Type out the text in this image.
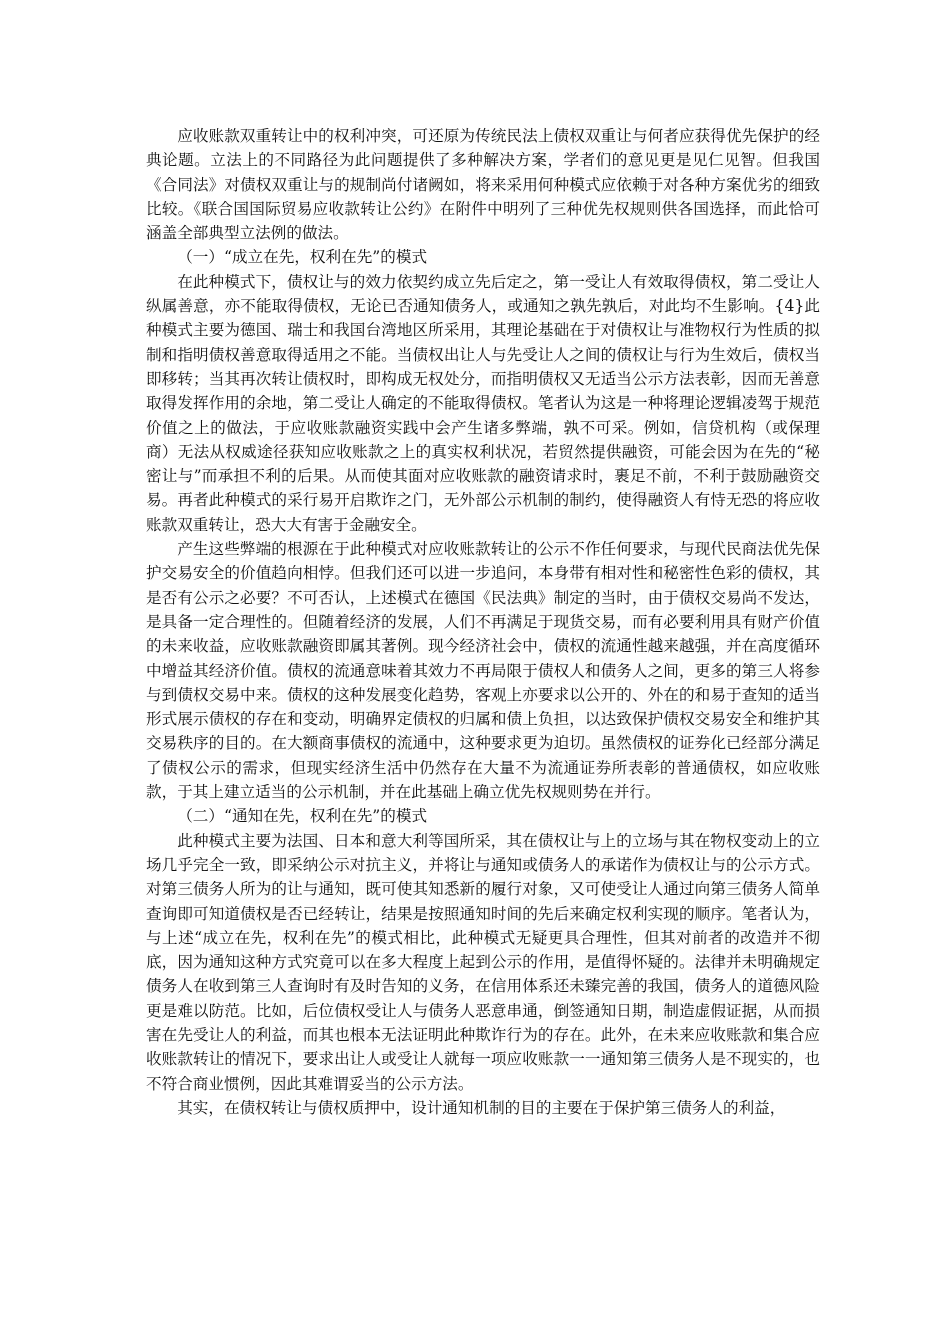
应收账款双重转让中的权利冲突，可还原为传统民法上债权双重让与何者应获得优先保护的经典论题。立法上的不同路径为此问题提供了多种解决方案，学者们的意见更是见仁见智。但我国《合同法》对债权双重让与的规制尚付诸阙如，将来采用何种模式应依赖于对各种方案优劣的细致比较。《联合国国际贸易应收款转让公约》在附件中明列了三种优先权规则供各国选择，而此恰可涵盖全部典型立法例的做法。

（一）“成立在先，权利在先”的模式

在此种模式下，债权让与的效力依契约成立先后定之，第一受让人有效取得债权，第二受让人纵属善意，亦不能取得债权，无论已否通知债务人，或通知之孰先孰后，对此均不生影响。{4}此种模式主要为德国、瑞士和我国台湾地区所采用，其理论基础在于对债权让与准物权行为性质的拟制和指明债权善意取得适用之不能。当债权出让人与先受让人之间的债权让与行为生效后，债权当即移转；当其再次转让债权时，即构成无权处分，而指明债权又无适当公示方法表彰，因而无善意取得发挥作用的余地，第二受让人确定的不能取得债权。笔者认为这是一种将理论逻辑凌驾于规范价值之上的做法，于应收账款融资实践中会产生诸多弊端，孰不可采。例如，信贷机构（或保理商）无法从权威途径获知应收账款之上的真实权利状况，若贸然提供融资，可能会因为在先的“秘密让与”而承担不利的后果。从而使其面对应收账款的融资请求时，裹足不前，不利于鼓励融资交易。再者此种模式的采行易开启欺诈之门，无外部公示机制的制约，使得融资人有恃无恐的将应收账款双重转让，恐大大有害于金融安全。

产生这些弊端的根源在于此种模式对应收账款转让的公示不作任何要求，与现代民商法优先保护交易安全的价值趋向相悖。但我们还可以进一步追问，本身带有相对性和秘密性色彩的债权，其是否有公示之必要？不可否认，上述模式在德国《民法典》制定的当时，由于债权交易尚不发达，是具备一定合理性的。但随着经济的发展，人们不再满足于现货交易，而有必要利用具有财产价值的未来收益，应收账款融资即属其著例。现今经济社会中，债权的流通性越来越强，并在高度循环中增益其经济价值。债权的流通意味着其效力不再局限于债权人和债务人之间，更多的第三人将参与到债权交易中来。债权的这种发展变化趋势，客观上亦要求以公开的、外在的和易于查知的适当形式展示债权的存在和变动，明确界定债权的归属和债上负担，以达致保护债权交易安全和维护其交易秩序的目的。在大额商事债权的流通中，这种要求更为迫切。虽然债权的证券化已经部分满足了债权公示的需求，但现实经济生活中仍然存在大量不为流通证券所表彰的普通债权，如应收账款，于其上建立适当的公示机制，并在此基础上确立优先权规则势在并行。

（二）“通知在先，权利在先”的模式

此种模式主要为法国、日本和意大利等国所采，其在债权让与上的立场与其在物权变动上的立场几乎完全一致，即采纳公示对抗主义，并将让与通知或债务人的承诺作为债权让与的公示方式。对第三债务人所为的让与通知，既可使其知悉新的履行对象，又可使受让人通过向第三债务人简单查询即可知道债权是否已经转让，结果是按照通知时间的先后来确定权利实现的顺序。笔者认为，与上述“成立在先，权利在先”的模式相比，此种模式无疑更具合理性，但其对前者的改造并不彻底，因为通知这种方式究竟可以在多大程度上起到公示的作用，是值得怀疑的。法律并未明确规定债务人在收到第三人查询时有及时告知的义务，在信用体系还未臻完善的我国，债务人的道德风险更是难以防范。比如，后位债权受让人与债务人恶意串通，倒签通知日期，制造虚假证据，从而损害在先受让人的利益，而其也根本无法证明此种欺诈行为的存在。此外，在未来应收账款和集合应收账款转让的情况下，要求出让人或受让人就每一项应收账款一一通知第三债务人是不现实的，也不符合商业惯例，因此其难谓妥当的公示方法。

其实，在债权转让与债权质押中，设计通知机制的目的主要在于保护第三债务人的利益，
